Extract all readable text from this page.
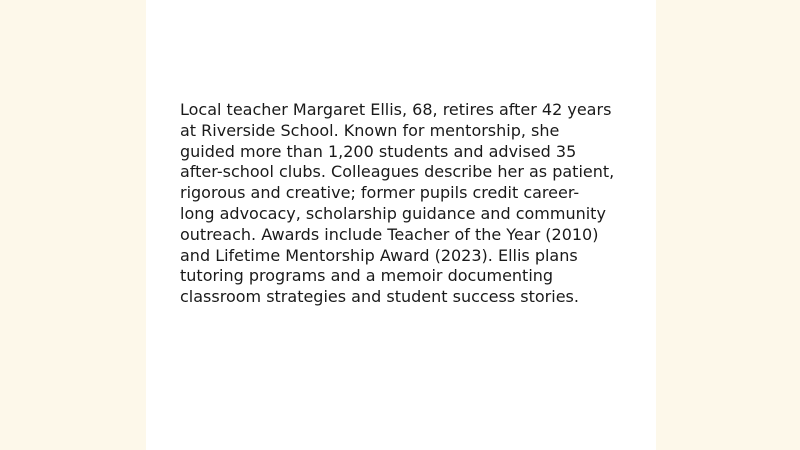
Local teacher Margaret Ellis, 68, retires after 42 years
at Riverside School. Known for mentorship, she
guided more than 1,200 students and advised 35
after-school clubs. Colleagues describe her as patient,
rigorous and creative; former pupils credit career-
long advocacy, scholarship guidance and community
outreach. Awards include Teacher of the Year (2010)
and Lifetime Mentorship Award (2023). Ellis plans
tutoring programs and a memoir documenting
classroom strategies and student success stories.
